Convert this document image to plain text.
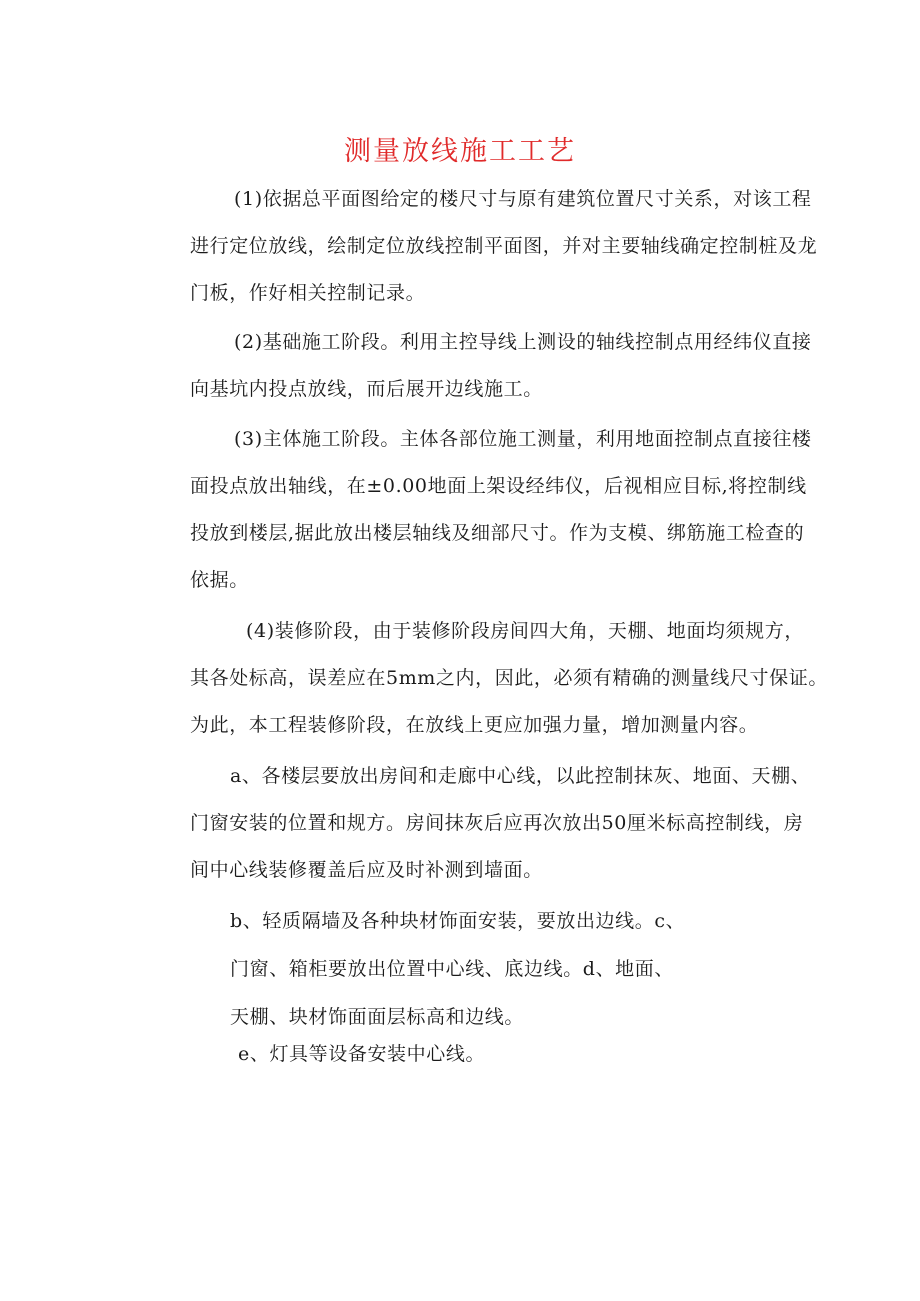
测量放线施工工艺
(1)依据总平面图给定的楼尺寸与原有建筑位置尺寸关系，对该工程
进行定位放线，绘制定位放线控制平面图，并对主要轴线确定控制桩及龙
门板，作好相关控制记录。
(2)基础施工阶段。利用主控导线上测设的轴线控制点用经纬仪直接
向基坑内投点放线，而后展开边线施工。
(3)主体施工阶段。主体各部位施工测量，利用地面控制点直接往楼
面投点放出轴线，在±0.00地面上架设经纬仪，后视相应目标,将控制线
投放到楼层,据此放出楼层轴线及细部尺寸。作为支模、绑筋施工检查的
依据。
(4)装修阶段，由于装修阶段房间四大角，天棚、地面均须规方，
其各处标高，误差应在5mm之内，因此，必须有精确的测量线尺寸保证。
为此，本工程装修阶段，在放线上更应加强力量，增加测量内容。
a、各楼层要放出房间和走廊中心线，以此控制抹灰、地面、天棚、
门窗安装的位置和规方。房间抹灰后应再次放出50厘米标高控制线，房
间中心线装修覆盖后应及时补测到墙面。
b、轻质隔墙及各种块材饰面安装，要放出边线。c、
门窗、箱柜要放出位置中心线、底边线。d、地面、
天棚、块材饰面面层标高和边线。
e、灯具等设备安装中心线。
